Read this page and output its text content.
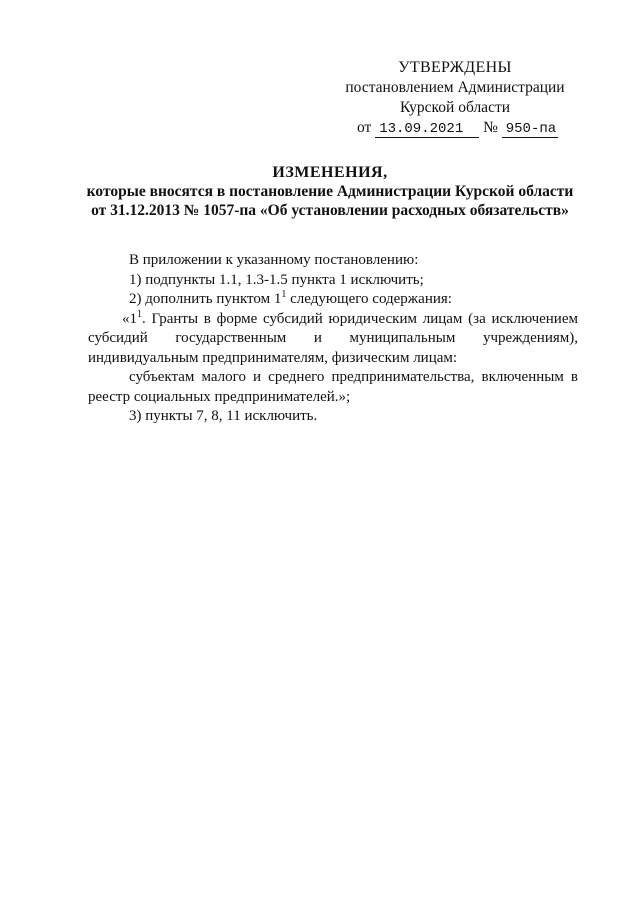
УТВЕРЖДЕНЫ
постановлением Администрации
Курской области
от 13.09.2021 № 950-па
ИЗМЕНЕНИЯ,
которые вносятся в постановление Администрации Курской области
от 31.12.2013 № 1057-па «Об установлении расходных обязательств»

В приложении к указанному постановлению:

1) подпункты 1.1, 1.3-1.5 пункта 1 исключить;

2) дополнить пунктом $1^1$ следующего содержания:

«$1^1$. Гранты в форме субсидий юридическим лицам (за исключением субсидий государственным и муниципальным учреждениям), индивидуальным предпринимателям, физическим лицам:

субъектам малого и среднего предпринимательства, включенным в реестр социальных предпринимателей.»;

3) пункты 7, 8, 11 исключить.
